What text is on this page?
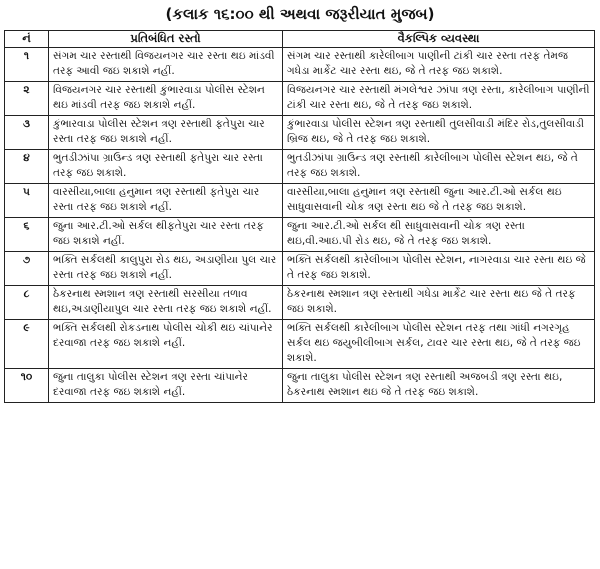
(કલાક ૧૬:૦૦ થી અથવા જરૂરીયાત મુજબ)
નં	પ્રતિબંધિત રસ્તો	વૈકલ્પિક વ્યવસ્થા
૧	સંગમ ચાર રસ્તાથી વિજયનગર ચાર રસ્તા થઇ માંડવી તરફ આવી જઇ શકાશે નહીં.	સંગમ ચાર રસ્તાથી કારેલીબાગ પાણીની ટાંકી ચાર રસ્તા તરફ તેમજ ગધેડા માર્કેટ ચાર રસ્તા થઇ, જે તે તરફ જઇ શકાશે.
૨	વિજયનગર ચાર રસ્તાથી કુંભારવાડા પોલીસ સ્ટેશન થઇ માંડવી તરફ જઇ શકાશે નહીં.	વિજયનગર ચાર રસ્તાથી મંગલેશ્વર ઝાંપા ત્રણ રસ્તા, કારેલીબાગ પાણીની ટાંકી ચાર રસ્તા થઇ, જે તે તરફ જઇ શકાશે.
૩	કુંભારવાડા પોલીસ સ્ટેશન ત્રણ રસ્તાથી ફતેપુરા ચાર રસ્તા તરફ જઇ શકાશે નહીં.	કુંભારવાડા પોલીસ સ્ટેશન ત્રણ રસ્તાથી તુલસીવાડી મંદિર રોડ,તુલસીવાડી બ્રિજ થઇ, જે તે તરફ જઇ શકાશે.
૪	ભુતડીઝાંપા ગ્રાઉન્ડ ત્રણ રસ્તાથી ફતેપુરા ચાર રસ્તા તરફ જઇ શકાશે.	ભુતડીઝાંપા ગ્રાઉન્ડ ત્રણ રસ્તાથી કારેલીબાગ પોલીસ સ્ટેશન થઇ, જે તે તરફ જઇ શકાશે.
૫	વારસીયા,બાલા હનુમાન ત્રણ રસ્તાથી ફતેપુરા ચાર રસ્તા તરફ જઇ શકાશે નહીં.	વારસીયા,બાલા હનુમાન ત્રણ રસ્તાથી જુના આર.ટી.ઓ સર્કલ થઇ સાધુવાસવાની ચોક ત્રણ રસ્તા થઇ જે તે તરફ જઇ શકાશે.
૬	જુના આર.ટી.ઓ સર્કલ થીફતેપુરા ચાર રસ્તા તરફ જઇ શકાશે નહીં.	જુના આર.ટી.ઓ સર્કલ થી સાધુવાસવાની ચોક ત્રણ રસ્તા થઇ,વી.આઇ.પી રોડ થઇ, જે તે તરફ જઇ શકાશે.
૭	ભક્તિ સર્કલથી કાલુપુરા રોડ થઇ, અડાણીયા પુલ ચાર રસ્તા તરફ જઇ શકાશે નહીં.	ભક્તિ સર્કલથી કારેલીબાગ પોલીસ સ્ટેશન, નાગરવાડા ચાર રસ્તા થઇ જે તે તરફ જઇ શકાશે.
૮	ઠેકરનાથ સ્મશાન ત્રણ રસ્તાથી સરસીયા તળાવ થઇ,અડાણીયાપુલ ચાર રસ્તા તરફ જઇ શકાશે નહીં.	ઠેકરનાથ સ્મશાન ત્રણ રસ્તાથી ગધેડા માર્કેટ ચાર રસ્તા થઇ જે તે તરફ જઇ શકાશે.
૯	ભક્તિ સર્કલથી રોકડનાથ પોલીસ ચોકી થઇ ચાંપાનેર દરવાજા તરફ જઇ શકાશે નહીં.	ભક્તિ સર્કલથી કારેલીબાગ પોલીસ સ્ટેશન તરફ તથા ગાંધી નગરગૃહ સર્કલ થઇ જયુબીલીબાગ સર્કલ, ટાવર ચાર રસ્તા થઇ, જે તે તરફ જઇ શકાશે.
૧૦	જુના તાલુકા પોલીસ સ્ટેશન ત્રણ રસ્તા ચાંપાનેર દરવાજા તરફ જઇ શકાશે નહીં.	જુના તાલુકા પોલીસ સ્ટેશન ત્રણ રસ્તાથી અજબડી ત્રણ રસ્તા થઇ, ઠેકરનાથ સ્મશાન થઇ જે તે તરફ જઇ શકાશે.
